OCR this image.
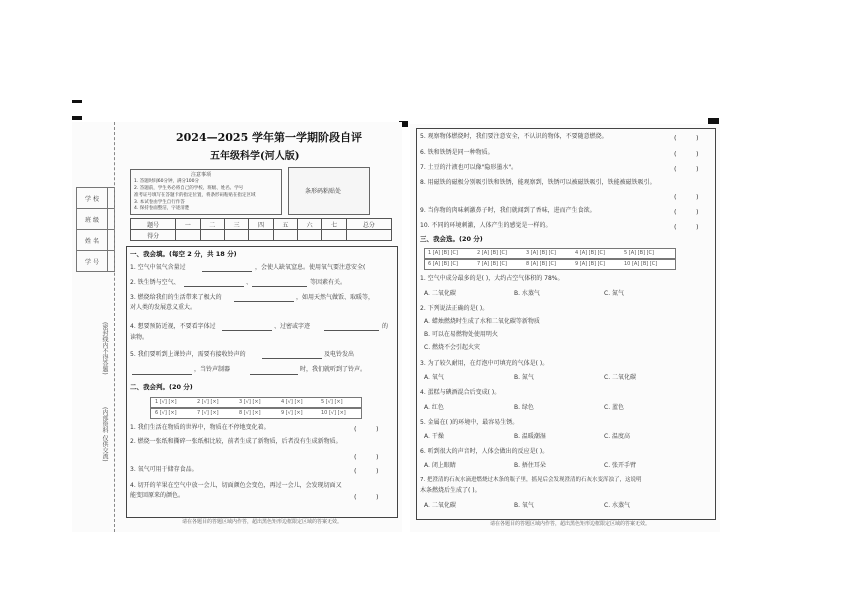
学 校	
班 级	
姓 名	
学 号	
(密封线内不得答题)
(内部资料 仅供交流)
2024—2025 学年第一学期阶段自评
五年级科学(河人版)
注意事项
1. 答题时间60分钟，满分100分
2. 答题前，学生务必将自己的学校、班级、姓名、学号
准考证号填写在答题卡的指定位置，将条形码粘贴在指定区域
3. 本试卷由学生自行作答
4. 保持卷面整洁，字迹清楚
条形码粘贴处
题号	一	二	三	四	五	六	七	总分
得分								
一、我会填。(每空 2 分，共 18 分)
1. 空气中氧气含量过	，会使人缺氧窒息。使用氧气要注意安全(
2. 铁生锈与空气、	、	等因素有关。
3. 燃烧给我们的生活带来了极大的	，如用天然气做饭、取暖等，
对人类的发展意义重大。
4. 想要预防近视，不要看字体过	、过密或字迹	的
读物。
5. 我们要听到上课铃声，需要有接收铃声的	及电铃发出
，当铃声制器	时，我们就听到了铃声。
二、我会判。(20 分)
1 [√] [×]	2 [√] [×]	3 [√] [×]	4 [√] [×]	5 [√] [×]
6 [√] [×]	7 [√] [×]	8 [√] [×]	9 [√] [×]	10 [√] [×]
1. 我们生活在物质的世界中，物质在不停地变化着。	(　　　)
2. 燃烧一张纸和撕碎一张纸相比较，前者生成了新物质，后者没有生成新物质。
(　　　)
3. 氧气可用于储存食品。	(　　　)
4. 切开的苹果在空气中放一会儿，切面颜色会变色，再过一会儿，会发现切面又
能变回原来的颜色。	(　　　)
请在各题目的答题区域内作答，超出黑色矩形边框限定区域的答案无效。
5. 观察物体燃烧时，我们要注意安全，不认识的物体，不要随意燃烧。	(　　　)
6. 铁和铁锈是同一种物质。	(　　　)
7. 土豆的汁液也可以像"隐形墨水"。	(　　　)
8. 用磁铁的磁极分别吸引铁和铁锈，能观察到，铁锈可以被磁铁吸引，铁能被磁铁吸引。
(　　　)
9. 当你物的肉味刺激鼻子时，我们就闻到了香味，进而产生食欲。	(　　　)
10. 不同的环境刺激，人体产生的感觉是一样的。	(　　　)
三、我会选。(20 分)
1 [A] [B] [C]	2 [A] [B] [C]	3 [A] [B] [C]	4 [A] [B] [C]	5 [A] [B] [C]
6 [A] [B] [C]	7 [A] [B] [C]	8 [A] [B] [C]	9 [A] [B] [C]	10 [A] [B] [C]
1. 空气中成分最多的是( )，大约占空气体积的 78%。
A. 二氧化碳	B. 水蒸气	C. 氮气
2. 下列说法正确的是( )。
A. 蜡烛燃烧时生成了水和二氧化碳等新物质
B. 可以在易燃物处使用明火
C. 燃烧不会引起火灾
3. 为了较久耐用，在灯泡中可填充的气体是( )。
A. 氧气	B. 氮气	C. 二氧化碳
4. 蛋糕与碘酒混合后变成( )。
A. 红色	B. 绿色	C. 蓝色
5. 金属在( )的环境中，最容易生锈。
A. 干燥	B. 温暖潮湿	C. 温度高
6. 听到很大的声音时，人体会做出的反应是( )。
A. 闭上眼睛	B. 捂住耳朵	C. 张开手臂
7. 把澄清的石灰水滴进燃烧过木条的瓶子里，摇晃后会发现澄清的石灰水变浑浊了，这说明
木条燃烧后生成了( )。
A. 二氧化碳	B. 氧气	C. 水蒸气
请在各题目的答题区域内作答，超出黑色矩形边框限定区域的答案无效。
